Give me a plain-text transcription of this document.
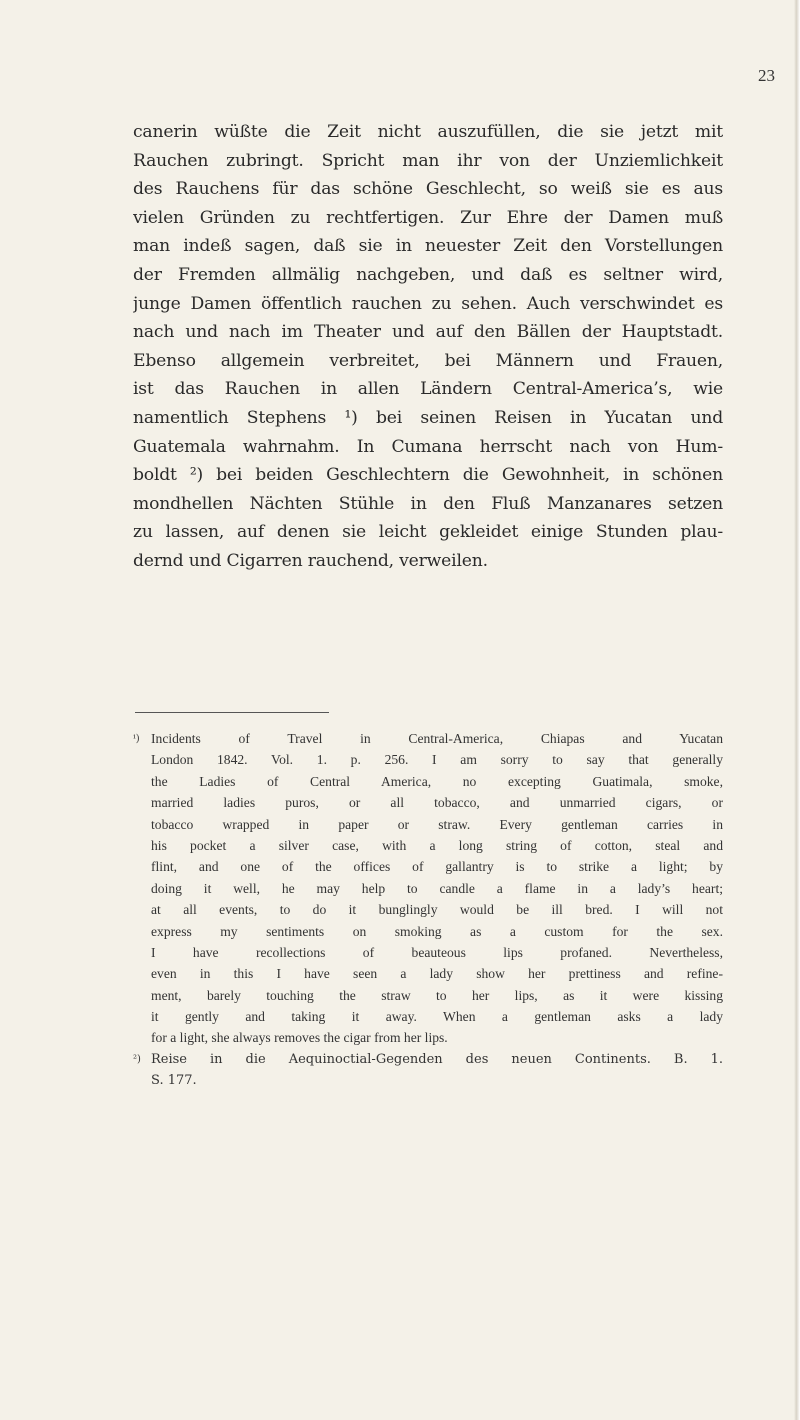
23
canerin wüßte die Zeit nicht auszufüllen, die sie jetzt mit
Rauchen zubringt. Spricht man ihr von der Unziemlichkeit
des Rauchens für das schöne Geschlecht, so weiß sie es aus
vielen Gründen zu rechtfertigen. Zur Ehre der Damen muß
man indeß sagen, daß sie in neuester Zeit den Vorstellungen
der Fremden allmälig nachgeben, und daß es seltner wird,
junge Damen öffentlich rauchen zu sehen. Auch verschwindet es
nach und nach im Theater und auf den Bällen der Hauptstadt.
Ebenso allgemein verbreitet, bei Männern und Frauen,
ist das Rauchen in allen Ländern Central-America’s, wie
namentlich Stephens ¹) bei seinen Reisen in Yucatan und
Guatemala wahrnahm. In Cumana herrscht nach von Hum-
boldt ²) bei beiden Geschlechtern die Gewohnheit, in schönen
mondhellen Nächten Stühle in den Fluß Manzanares setzen
zu lassen, auf denen sie leicht gekleidet einige Stunden plau-
dernd und Cigarren rauchend, verweilen.
¹) Incidents of Travel in Central-America, Chiapas and Yucatan
London 1842. Vol. 1. p. 256. I am sorry to say that generally
the Ladies of Central America, no excepting Guatimala, smoke,
married ladies puros, or all tobacco, and unmarried cigars, or
tobacco wrapped in paper or straw. Every gentleman carries in
his pocket a silver case, with a long string of cotton, steal and
flint, and one of the offices of gallantry is to strike a light; by
doing it well, he may help to candle a flame in a lady’s heart;
at all events, to do it bunglingly would be ill bred. I will not
express my sentiments on smoking as a custom for the sex.
I have recollections of beauteous lips profaned. Nevertheless,
even in this I have seen a lady show her prettiness and refine-
ment, barely touching the straw to her lips, as it were kissing
it gently and taking it away. When a gentleman asks a lady
for a light, she always removes the cigar from her lips.
²) Reise in die Aequinoctial-Gegenden des neuen Continents. B. 1.
S. 177.
